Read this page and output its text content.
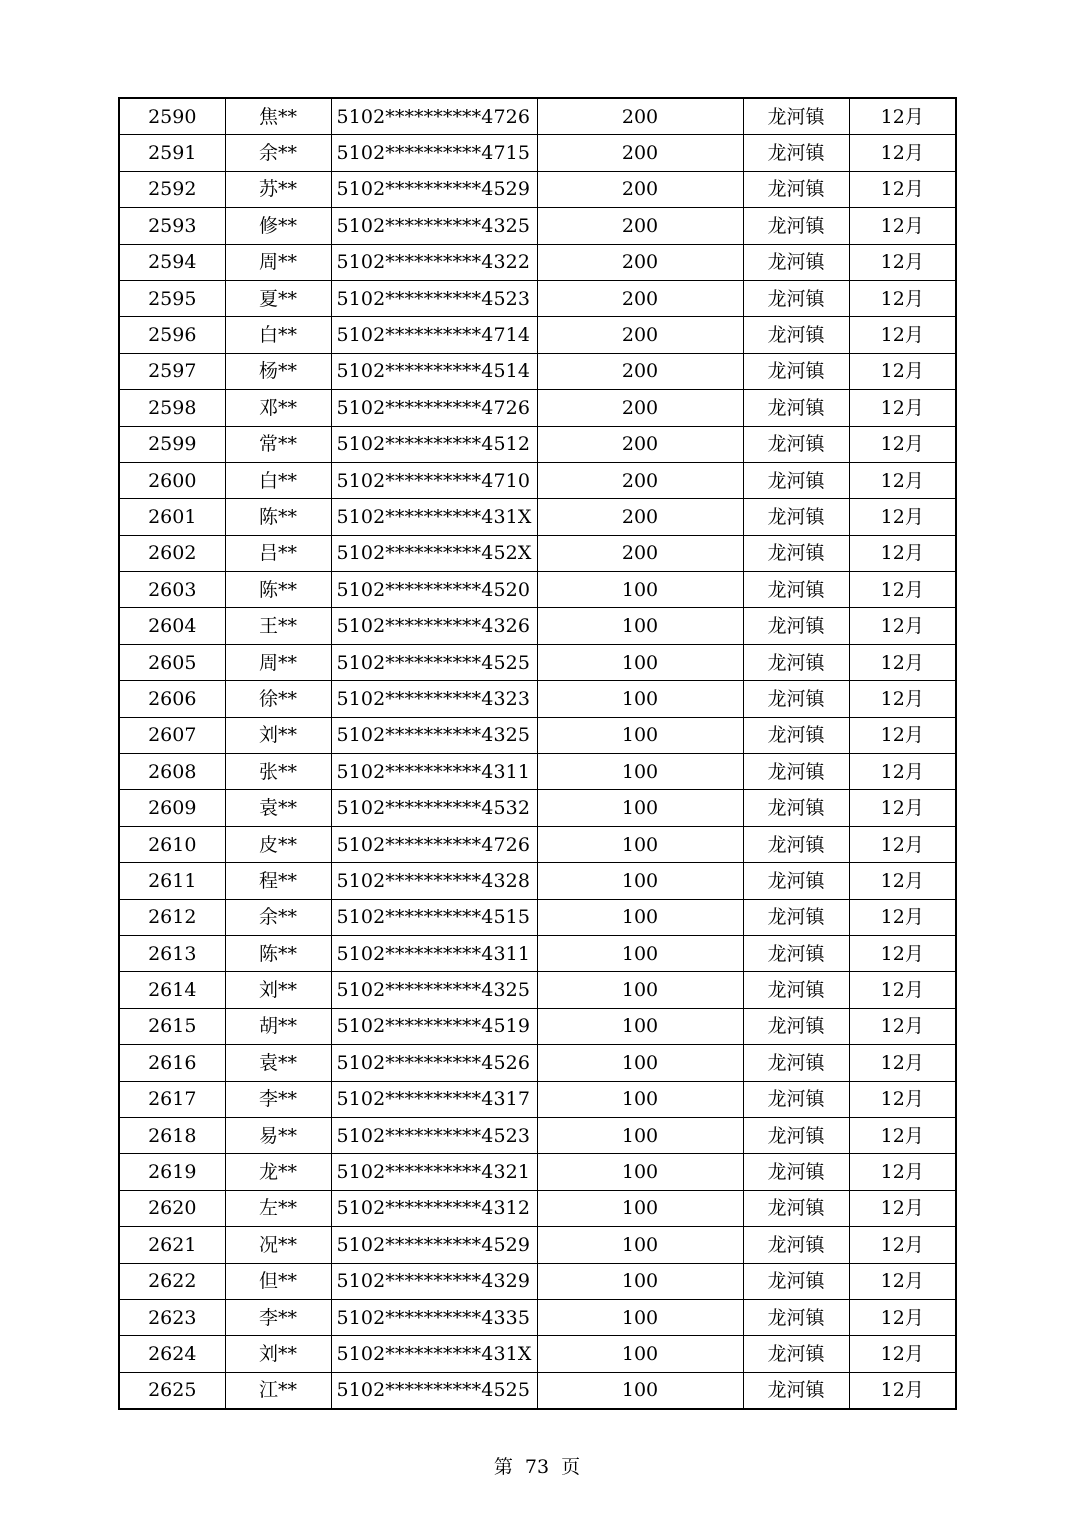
2590	焦**	5102**********4726	200	龙河镇	12月
2591	余**	5102**********4715	200	龙河镇	12月
2592	苏**	5102**********4529	200	龙河镇	12月
2593	修**	5102**********4325	200	龙河镇	12月
2594	周**	5102**********4322	200	龙河镇	12月
2595	夏**	5102**********4523	200	龙河镇	12月
2596	白**	5102**********4714	200	龙河镇	12月
2597	杨**	5102**********4514	200	龙河镇	12月
2598	邓**	5102**********4726	200	龙河镇	12月
2599	常**	5102**********4512	200	龙河镇	12月
2600	白**	5102**********4710	200	龙河镇	12月
2601	陈**	5102**********431X	200	龙河镇	12月
2602	吕**	5102**********452X	200	龙河镇	12月
2603	陈**	5102**********4520	100	龙河镇	12月
2604	王**	5102**********4326	100	龙河镇	12月
2605	周**	5102**********4525	100	龙河镇	12月
2606	徐**	5102**********4323	100	龙河镇	12月
2607	刘**	5102**********4325	100	龙河镇	12月
2608	张**	5102**********4311	100	龙河镇	12月
2609	袁**	5102**********4532	100	龙河镇	12月
2610	皮**	5102**********4726	100	龙河镇	12月
2611	程**	5102**********4328	100	龙河镇	12月
2612	余**	5102**********4515	100	龙河镇	12月
2613	陈**	5102**********4311	100	龙河镇	12月
2614	刘**	5102**********4325	100	龙河镇	12月
2615	胡**	5102**********4519	100	龙河镇	12月
2616	袁**	5102**********4526	100	龙河镇	12月
2617	李**	5102**********4317	100	龙河镇	12月
2618	易**	5102**********4523	100	龙河镇	12月
2619	龙**	5102**********4321	100	龙河镇	12月
2620	左**	5102**********4312	100	龙河镇	12月
2621	况**	5102**********4529	100	龙河镇	12月
2622	但**	5102**********4329	100	龙河镇	12月
2623	李**	5102**********4335	100	龙河镇	12月
2624	刘**	5102**********431X	100	龙河镇	12月
2625	江**	5102**********4525	100	龙河镇	12月
第 73 页
